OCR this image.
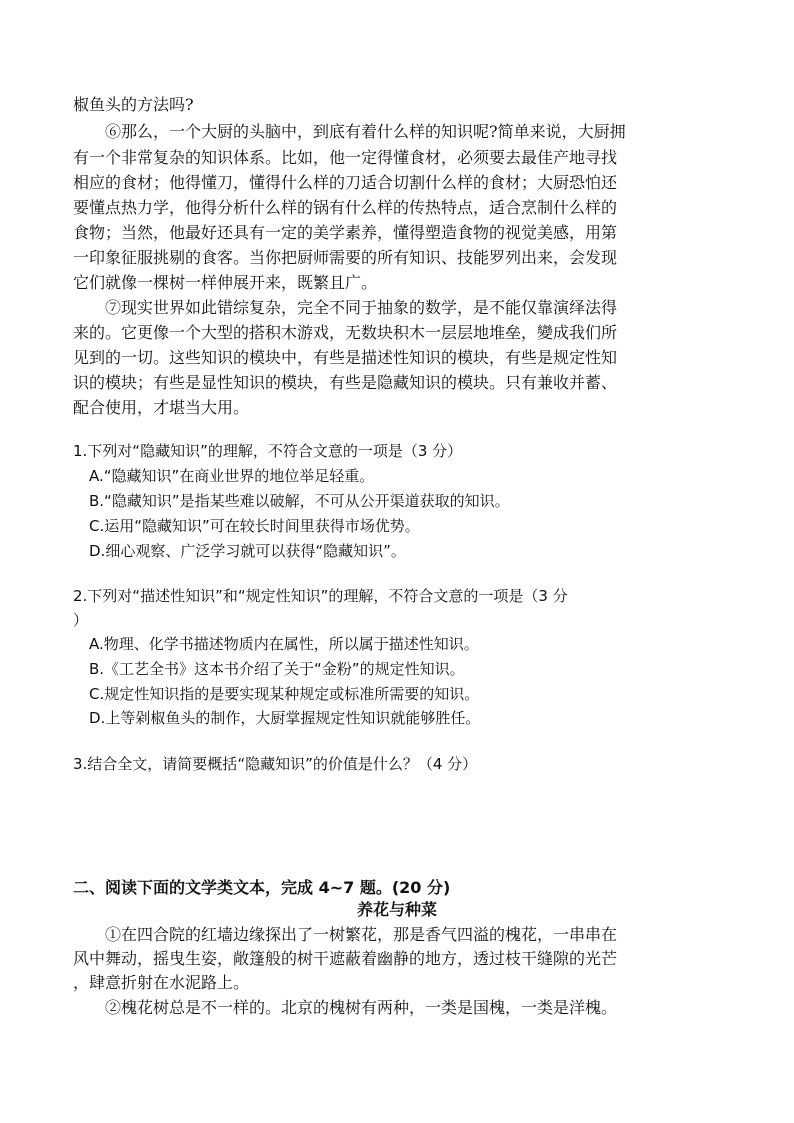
椒鱼头的方法吗?

⑥那么，一个大厨的头脑中，到底有着什么样的知识呢?简单来说，大厨拥

有一个非常复杂的知识体系。比如，他一定得懂食材，必须要去最佳产地寻找

相应的食材；他得懂刀，懂得什么样的刀适合切割什么样的食材；大厨恐怕还

要懂点热力学，他得分析什么样的锅有什么样的传热特点，适合烹制什么样的

食物；当然，他最好还具有一定的美学素养，懂得塑造食物的视觉美感，用第

一印象征服挑剔的食客。当你把厨师需要的所有知识、技能罗列出来，会发现

它们就像一棵树一样伸展开来，既繁且广。

⑦现实世界如此错综复杂，完全不同于抽象的数学，是不能仅靠演绎法得

来的。它更像一个大型的搭积木游戏，无数块积木一层层地堆垒，變成我们所

见到的一切。这些知识的模块中，有些是描述性知识的模块，有些是规定性知

识的模块；有些是显性知识的模块，有些是隐藏知识的模块。只有兼收并蓄、

配合使用，才堪当大用。

1.下列对“隐藏知识”的理解，不符合文意的一项是（3 分）

A.“隐藏知识”在商业世界的地位举足轻重。

B.“隐藏知识”是指某些难以破解，不可从公开渠道获取的知识。

C.运用“隐藏知识”可在较长时间里获得市场优势。

D.细心观察、广泛学习就可以获得“隐藏知识”。

2.下列对“描述性知识”和“规定性知识”的理解，不符合文意的一项是（3 分

）

A.物理、化学书描述物质内在属性，所以属于描述性知识。

B.《工艺全书》这本书介绍了关于“金粉”的规定性知识。

C.规定性知识指的是要实现某种规定或标准所需要的知识。

D.上等剁椒鱼头的制作，大厨掌握规定性知识就能够胜任。

3.结合全文，请简要概括“隐藏知识”的价值是什么？（4 分）

二、阅读下面的文学类文本，完成 4~7 题。(20 分)

养花与种菜

①在四合院的红墙边缘探出了一树繁花，那是香气四溢的槐花，一串串在

风中舞动，摇曳生姿，敞篷般的树干遮蔽着幽静的地方，透过枝干缝隙的光芒

，肆意折射在水泥路上。

②槐花树总是不一样的。北京的槐树有两种，一类是国槐，一类是洋槐。
